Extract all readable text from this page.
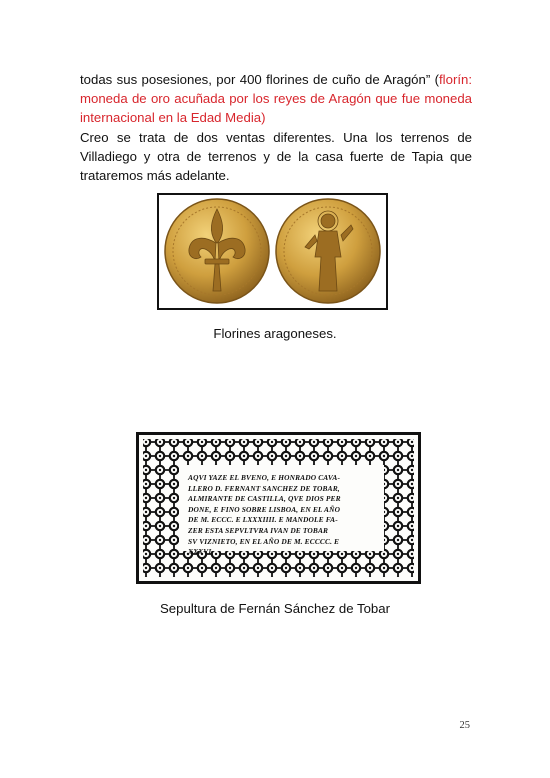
todas sus posesiones, por 400 florines de cuño de Aragón” (florín: moneda de oro acuñada por los reyes de Aragón que fue moneda internacional en la Edad Media)

Creo se trata de dos ventas diferentes. Una los terrenos de Villadiego y otra de terrenos y de la casa fuerte de Tapia que trataremos más adelante.

Florines aragoneses.

AQVI YAZE EL BVENO, E HONRADO CAVA-
LLERO D. FERNANT SANCHEZ DE TOBAR,
ALMIRANTE DE CASTILLA, QVE DIOS PER
DONE, E FINO SOBRE LISBOA, EN EL AÑO
DE M. ECCC. E LXXXIIII. E MANDOLE FA-
ZER ESTA SEPVLTVRA IVAN DE TOBAR
SV VIZNIETO, EN EL AÑO DE M. ECCCC. E
XXXVI.

Sepultura de Fernán Sánchez de Tobar

25
